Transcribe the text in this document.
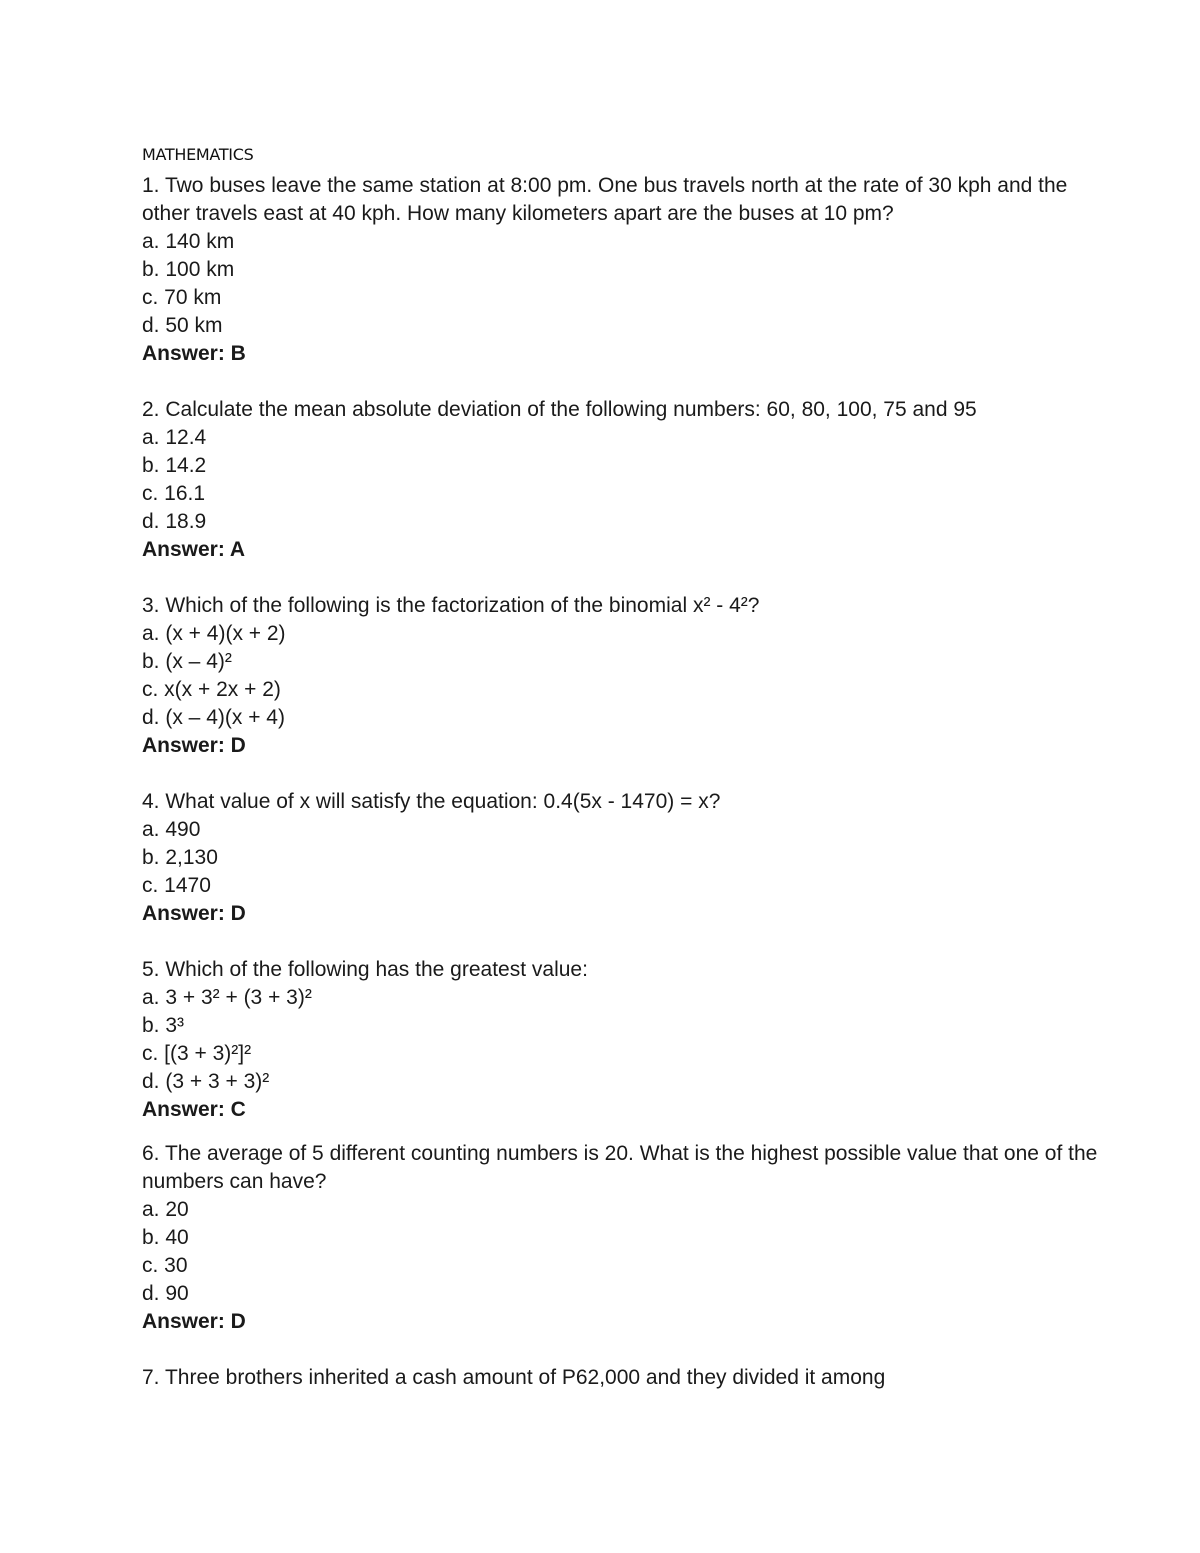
MATHEMATICS

1. Two buses leave the same station at 8:00 pm. One bus travels north at the rate of 30 kph and the other travels east at 40 kph. How many kilometers apart are the buses at 10 pm?

a. 140 km
b. 100 km
c. 70 km
d. 50 km

Answer: B

2. Calculate the mean absolute deviation of the following numbers: 60, 80, 100, 75 and 95

a. 12.4
b. 14.2
c. 16.1
d. 18.9

Answer: A

3. Which of the following is the factorization of the binomial x² - 4²?

a. (x + 4)(x + 2)
b. (x – 4)²
c. x(x + 2x + 2)
d. (x – 4)(x + 4)

Answer: D

4. What value of x will satisfy the equation: 0.4(5x - 1470) = x?

a. 490
b. 2,130
c. 1470

Answer: D

5. Which of the following has the greatest value:

a. 3 + 3² + (3 + 3)²
b. 3³
c. [(3 + 3)²]²
d. (3 + 3 + 3)²

Answer: C

6. The average of 5 different counting numbers is 20. What is the highest possible value that one of the numbers can have?

a. 20
b. 40
c. 30
d. 90

Answer: D

7. Three brothers inherited a cash amount of P62,000 and they divided it among
